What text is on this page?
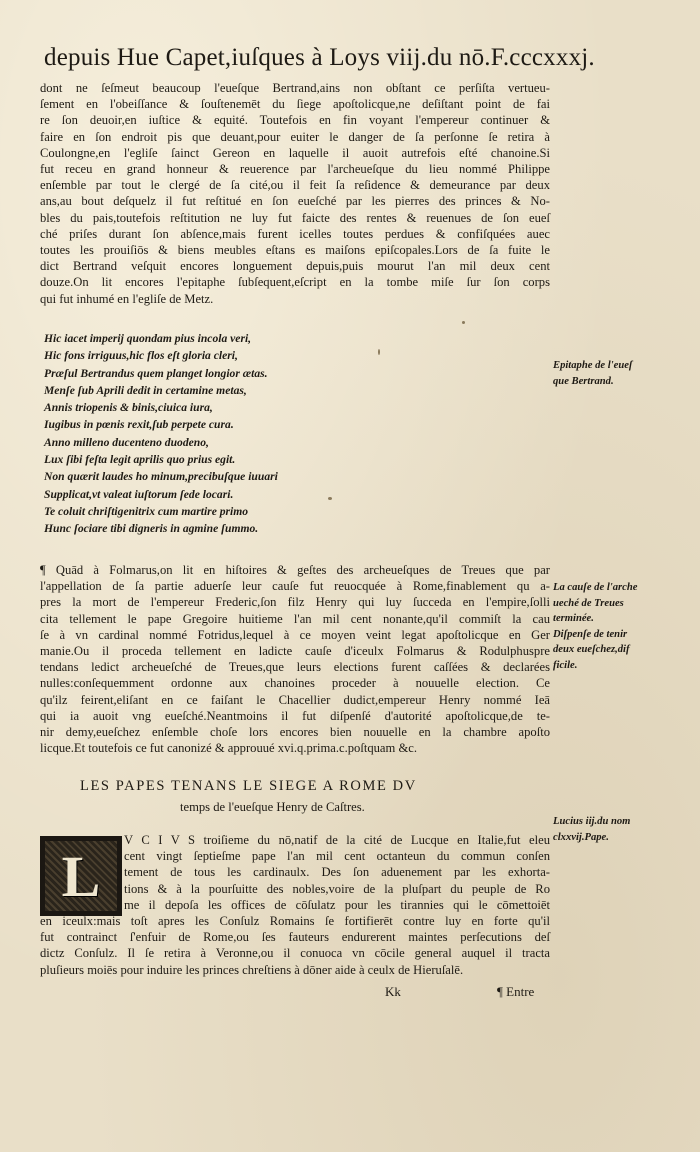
depuis Hue Capet,iuſques à Loys viij.du nō.F.cccxxxj.
dont ne ſeſmeut beaucoup l'eueſque Bertrand,ains non obſtant ce perſiſta vertueu-
ſement en l'obeiſſance & ſouſtenemēt du ſiege apoſtolicque,ne deſiſtant point de fai
re ſon deuoir,en iuſtice & equité. Toutefois en fin voyant l'empereur continuer &
faire en ſon endroit pis que deuant,pour euiter le danger de ſa perſonne ſe retira à
Coulongne,en l'egliſe ſainct Gereon en laquelle il auoit autrefois eſté chanoine.Si
fut receu en grand honneur & reuerence par l'archeueſque du lieu nommé Philippe
enſemble par tout le clergé de ſa cité,ou il feit ſa reſidence & demeurance par deux
ans,au bout deſquelz il fut reſtitué en ſon eueſché par les pierres des princes & No-
bles du pais,toutefois reſtitution ne luy fut faicte des rentes & reuenues de ſon eueſ
ché priſes durant ſon abſence,mais furent icelles toutes perdues & confiſquées auec
toutes les prouiſiōs & biens meubles eſtans es maiſons epiſcopales.Lors de ſa fuite le
dict Bertrand veſquit encores longuement depuis,puis mourut l'an mil deux cent
douze.On lit encores l'epitaphe ſubſequent,eſcript en la tombe miſe ſur ſon corps
qui fut inhumé en l'egliſe de Metz.
Hic iacet imperij quondam pius incola veri,
Hic fons irriguus,hic flos eſt gloria cleri,
Præſul Bertrandus quem planget longior ætas.
Menſe ſub Aprili dedit in certamine metas,
Annis triopenis & binis,ciuica iura,
Iugibus in pœnis rexit,ſub perpete cura.
Anno milleno ducenteno duodeno,
Lux ſibi feſta legit aprilis quo prius egit.
Non quærit laudes ho minum,precibuſque iuuari
Supplicat,vt valeat iuſtorum ſede locari.
Te coluit chriſtigenitrix cum martire primo
Hunc ſociare tibi digneris in agmine ſummo.
¶ Quād à Folmarus,on lit en hiſtoires & geſtes des archeueſques de Treues que par
l'appellation de ſa partie aduerſe leur cauſe fut reuocquée à Rome,finablement qu a-
pres la mort de l'empereur Frederic,ſon filz Henry qui luy ſucceda en l'empire,ſolli
cita tellement le pape Gregoire huitieme l'an mil cent nonante,qu'il commiſt la cau
ſe à vn cardinal nommé Fotridus,lequel à ce moyen veint legat apoſtolicque en Ger
manie.Ou il proceda tellement en ladicte cauſe d'iceulx Folmarus & Rodulphuspre
tendans ledict archeueſché de Treues,que leurs elections furent caſſées & declarées
nulles:conſequemment ordonne aux chanoines proceder à nouuelle election. Ce
qu'ilz feirent,eliſant en ce faiſant le Chacellier dudict,empereur Henry nommé Ieā
qui ia auoit vng eueſché.Neantmoins il fut diſpenſé d'autorité apoſtolicque,de te-
nir demy,eueſchez enſemble choſe lors encores bien nouuelle en la chambre apoſto
licque.Et toutefois ce fut canonizé & approuué xvi.q.prima.c.poſtquam &c.
LES PAPES TENANS LE SIEGE A ROME DV
temps de l'eueſque Henry de Caſtres.
L
V C I V S troiſieme du nō,natif de la cité de Lucque en Italie,fut eleu
cent vingt ſeptieſme pape l'an mil cent octanteun du commun conſen
tement de tous les cardinaulx. Des ſon aduenement par les exhorta-
tions & à la pourſuitte des nobles,voire de la pluſpart du peuple de Ro
me il depoſa les offices de cōſulatz pour les tirannies qui le cōmettoiēt
en iceulx:mais toſt apres les Conſulz Romains ſe fortifierēt contre luy en forte qu'il
fut contrainct ſ'enfuir de Rome,ou ſes fauteurs endurerent maintes perſecutions deſ
dictz Conſulz. Il ſe retira à Veronne,ou il conuoca vn cōcile general auquel il tracta
pluſieurs moiēs pour induire les princes chreſtiens à dōner aide à ceulx de Hieruſalē.
Epitaphe de l'eueſ
que Bertrand.
La cauſe de l'arche
ueché de Treues
terminée.
Diſpenſe de tenir
deux eueſchez,dif
ficile.
Lucius iij.du nom
clxxvij.Pape.
Kk	¶ Entre
